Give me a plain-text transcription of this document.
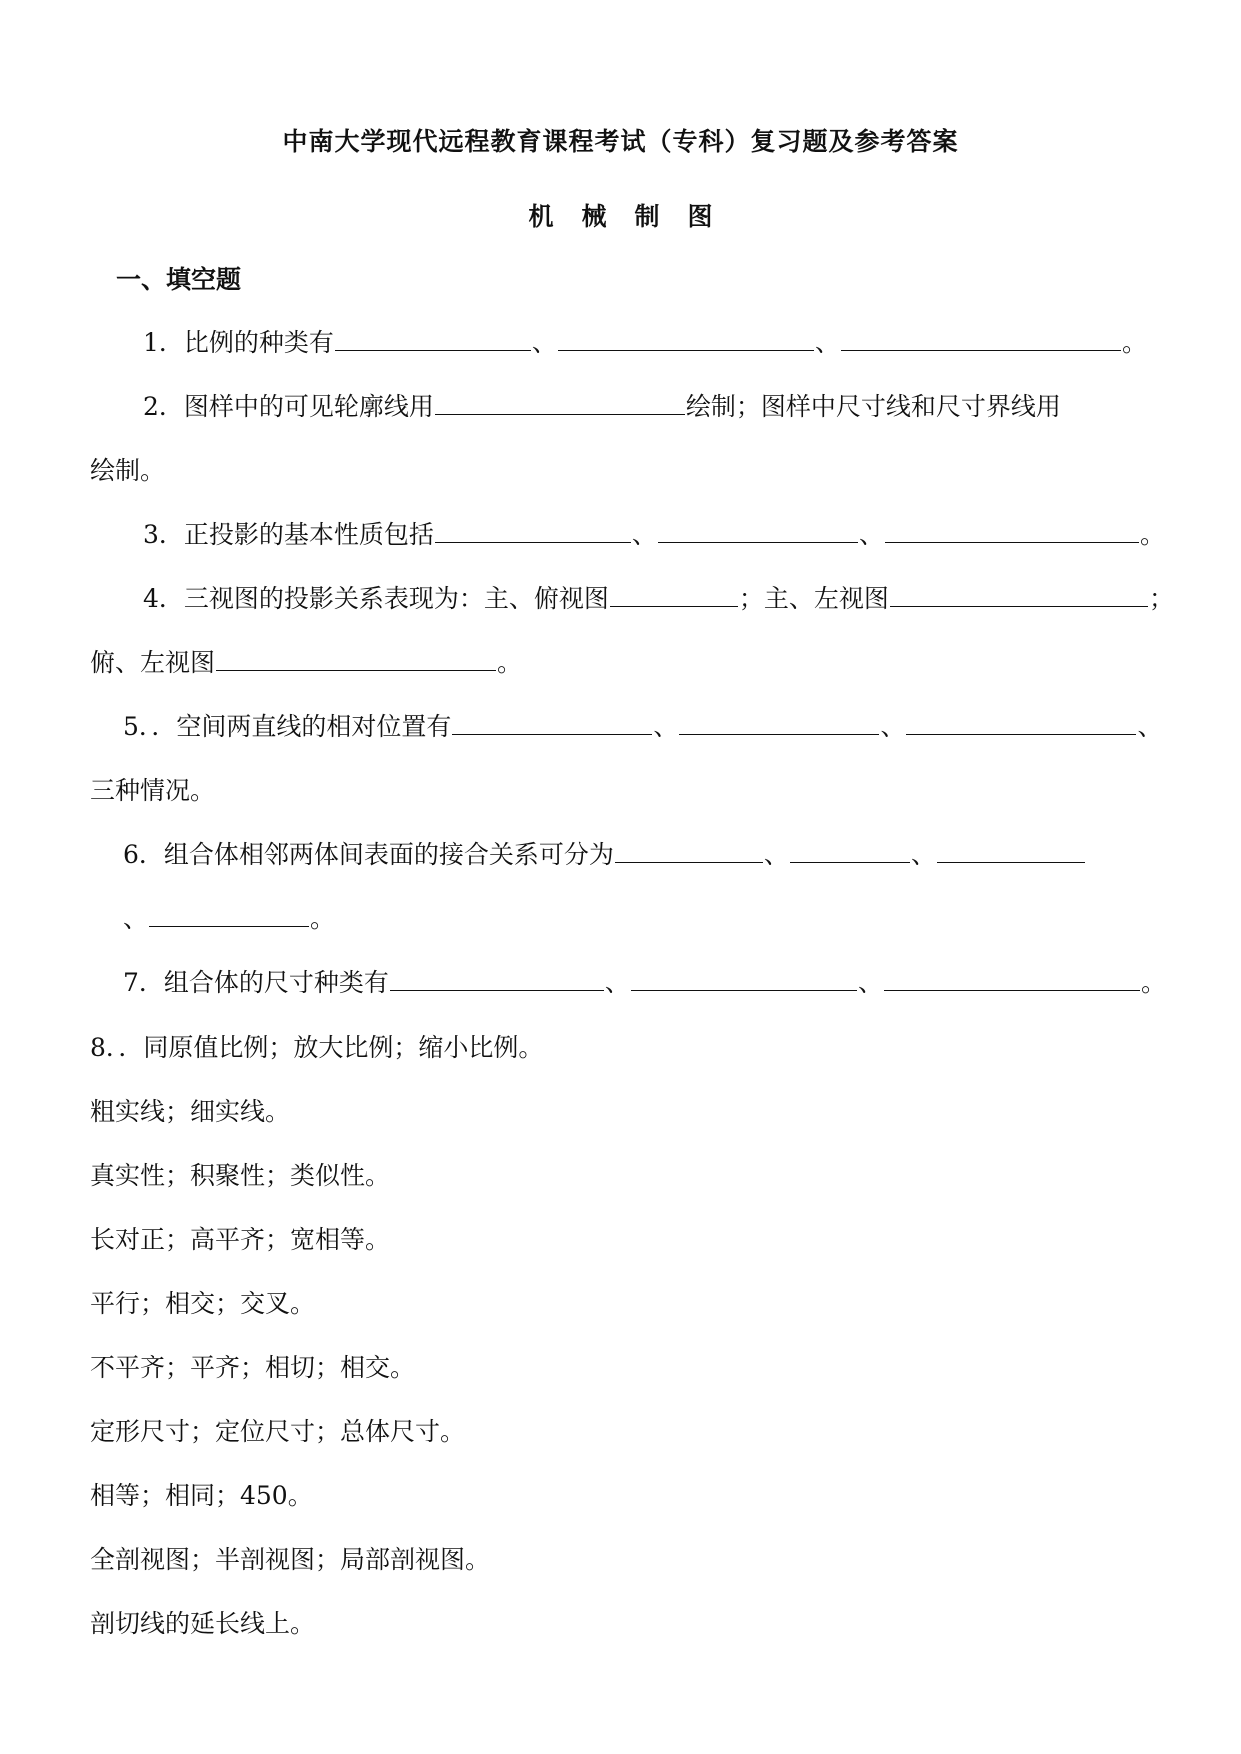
中南大学现代远程教育课程考试（专科）复习题及参考答案
机械制图
一、填空题
1．比例的种类有	、	、	。
2．图样中的可见轮廓线用	绘制；图样中尺寸线和尺寸界线用
绘制。
3．正投影的基本性质包括	、	、	。
4．三视图的投影关系表现为：主、俯视图	；主、左视图	；
俯、左视图	。
5．．空间两直线的相对位置有	、	、	、
三种情况。
6．组合体相邻两体间表面的接合关系可分为	、	、
、	。
7．组合体的尺寸种类有	、	、	。
8．．同原值比例；放大比例；缩小比例。
粗实线；细实线。
真实性；积聚性；类似性。
长对正；高平齐；宽相等。
平行；相交；交叉。
不平齐；平齐；相切；相交。
定形尺寸；定位尺寸；总体尺寸。
相等；相同；450。
全剖视图；半剖视图；局部剖视图。
剖切线的延长线上。
